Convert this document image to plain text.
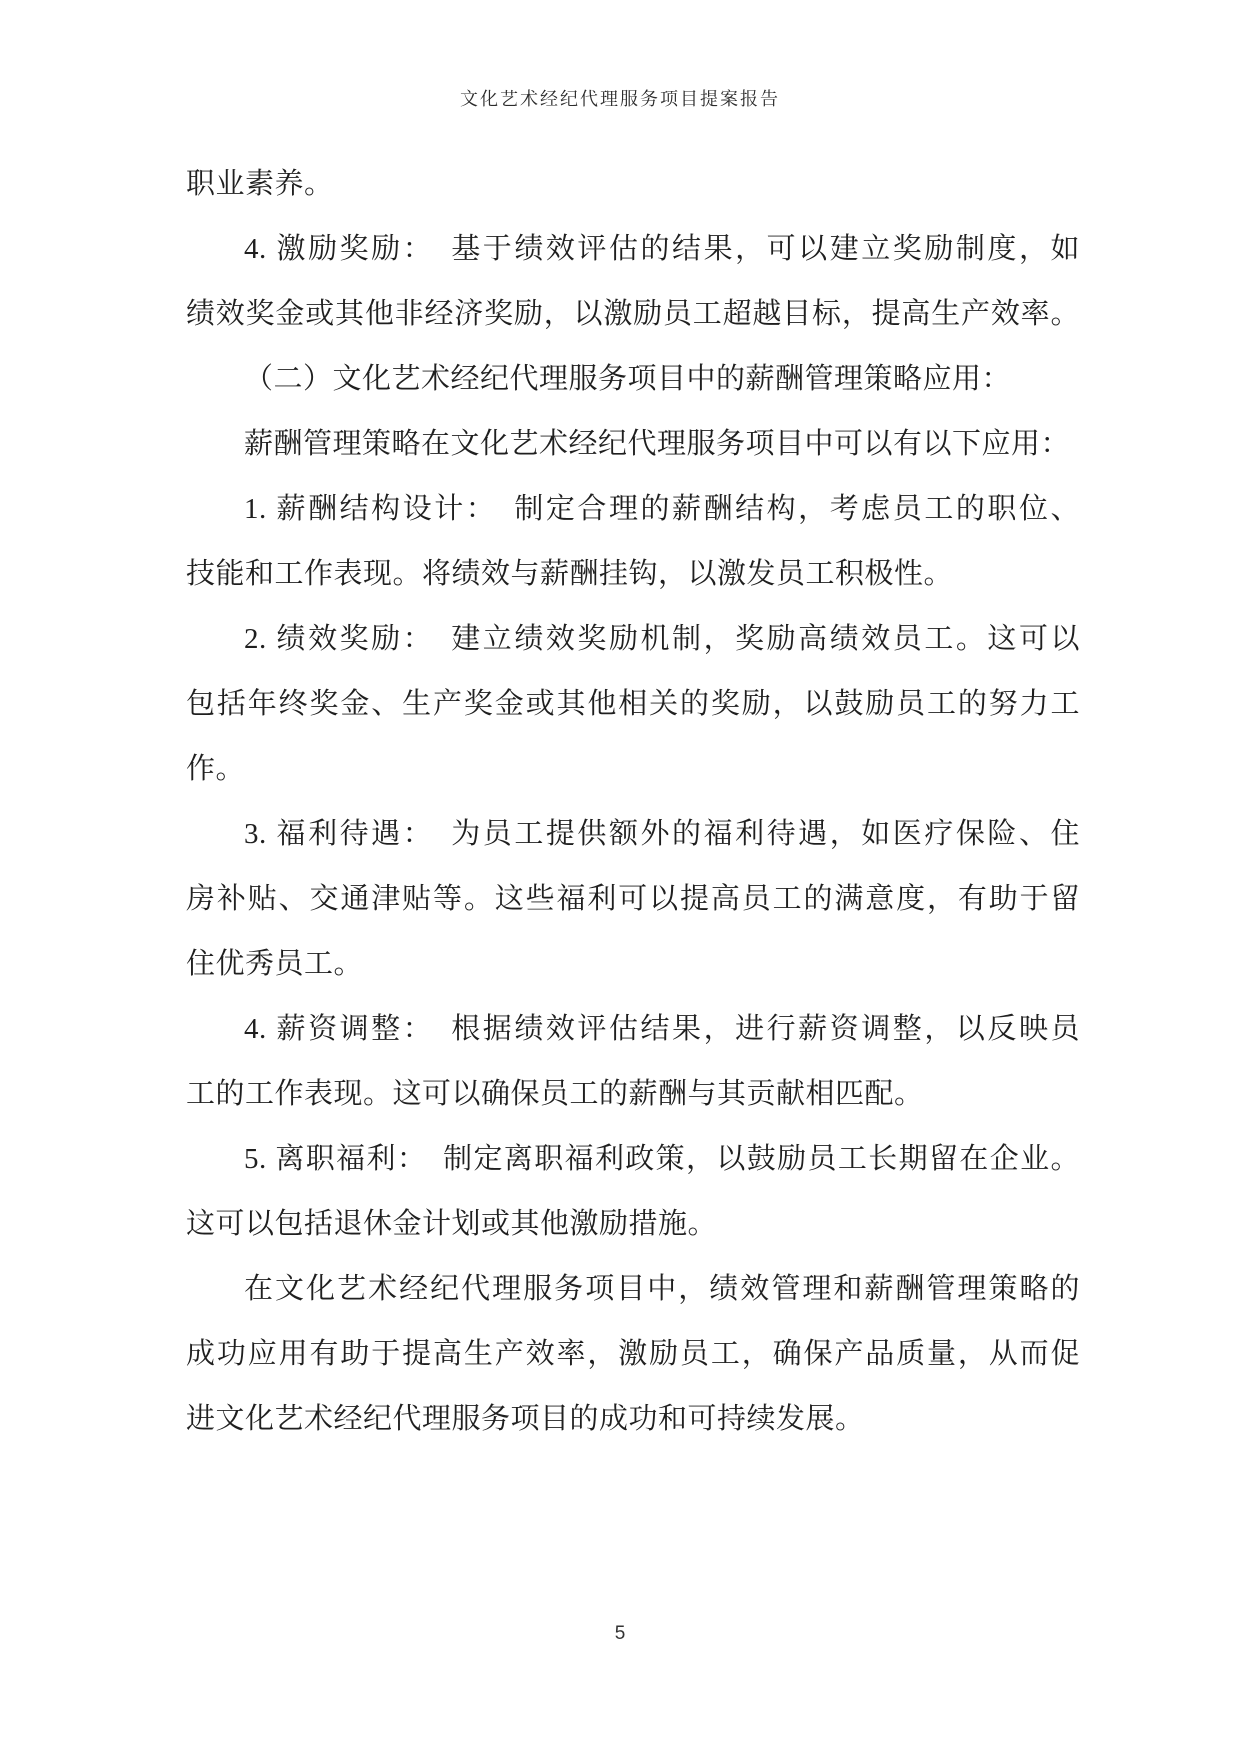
文化艺术经纪代理服务项目提案报告
职业素养。
4. 激励奖励：　基于绩效评估的结果，可以建立奖励制度，如
绩效奖金或其他非经济奖励，以激励员工超越目标，提高生产效率。
（二）文化艺术经纪代理服务项目中的薪酬管理策略应用：
薪酬管理策略在文化艺术经纪代理服务项目中可以有以下应用：
1. 薪酬结构设计：　制定合理的薪酬结构，考虑员工的职位、
技能和工作表现。将绩效与薪酬挂钩，以激发员工积极性。
2. 绩效奖励：　建立绩效奖励机制，奖励高绩效员工。这可以
包括年终奖金、生产奖金或其他相关的奖励，以鼓励员工的努力工
作。
3. 福利待遇：　为员工提供额外的福利待遇，如医疗保险、住
房补贴、交通津贴等。这些福利可以提高员工的满意度，有助于留
住优秀员工。
4. 薪资调整：　根据绩效评估结果，进行薪资调整，以反映员
工的工作表现。这可以确保员工的薪酬与其贡献相匹配。
5. 离职福利：　制定离职福利政策，以鼓励员工长期留在企业。
这可以包括退休金计划或其他激励措施。
在文化艺术经纪代理服务项目中，绩效管理和薪酬管理策略的
成功应用有助于提高生产效率，激励员工，确保产品质量，从而促
进文化艺术经纪代理服务项目的成功和可持续发展。
5
